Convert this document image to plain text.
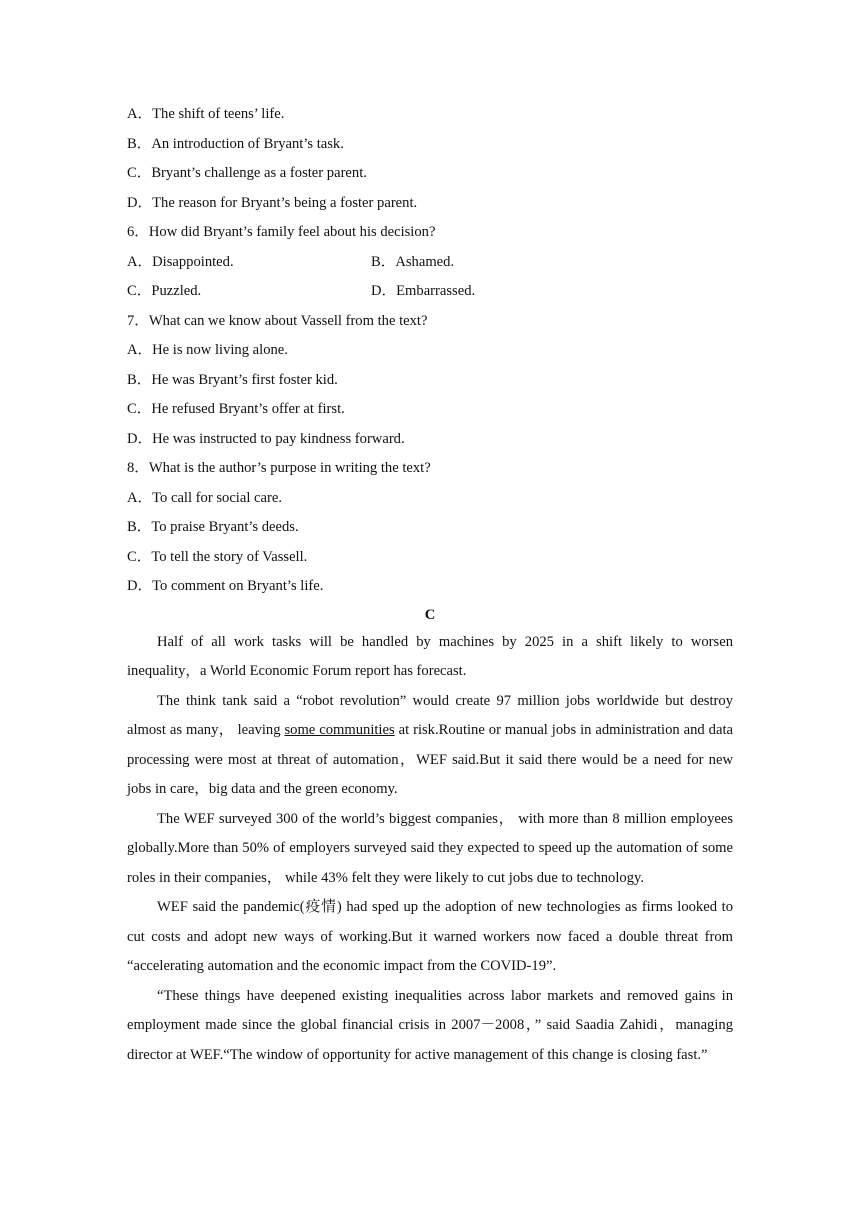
A．The shift of teens’ life.
B．An introduction of Bryant’s task.
C．Bryant’s challenge as a foster parent.
D．The reason for Bryant’s being a foster parent.
6．How did Bryant’s family feel about his decision?
A．Disappointed.	B．Ashamed.
C．Puzzled.	D．Embarrassed.
7．What can we know about Vassell from the text?
A．He is now living alone.
B．He was Bryant’s first foster kid.
C．He refused Bryant’s offer at first.
D．He was instructed to pay kindness forward.
8．What is the author’s purpose in writing the text?
A．To call for social care.
B．To praise Bryant’s deeds.
C．To tell the story of Vassell.
D．To comment on Bryant’s life.
C

Half of all work tasks will be handled by machines by 2025 in a shift likely to worsen inequality，a World Economic Forum report has forecast.

The think tank said a “robot revolution” would create 97 million jobs worldwide but destroy almost as many， leaving some communities at risk.Routine or manual jobs in administration and data processing were most at threat of automation，WEF said.But it said there would be a need for new jobs in care，big data and the green economy.

The WEF surveyed 300 of the world’s biggest companies， with more than 8 million employees globally.More than 50% of employers surveyed said they expected to speed up the automation of some roles in their companies， while 43% felt they were likely to cut jobs due to technology.

WEF said the pandemic(疫情) had sped up the adoption of new technologies as firms looked to cut costs and adopt new ways of working.But it warned workers now faced a double threat from “accelerating automation and the economic impact from the COVID-19”.

“These things have deepened existing inequalities across labor markets and removed gains in employment made since the global financial crisis in 2007－2008，” said Saadia Zahidi，managing director at WEF.“The window of opportunity for active management of this change is closing fast.”
